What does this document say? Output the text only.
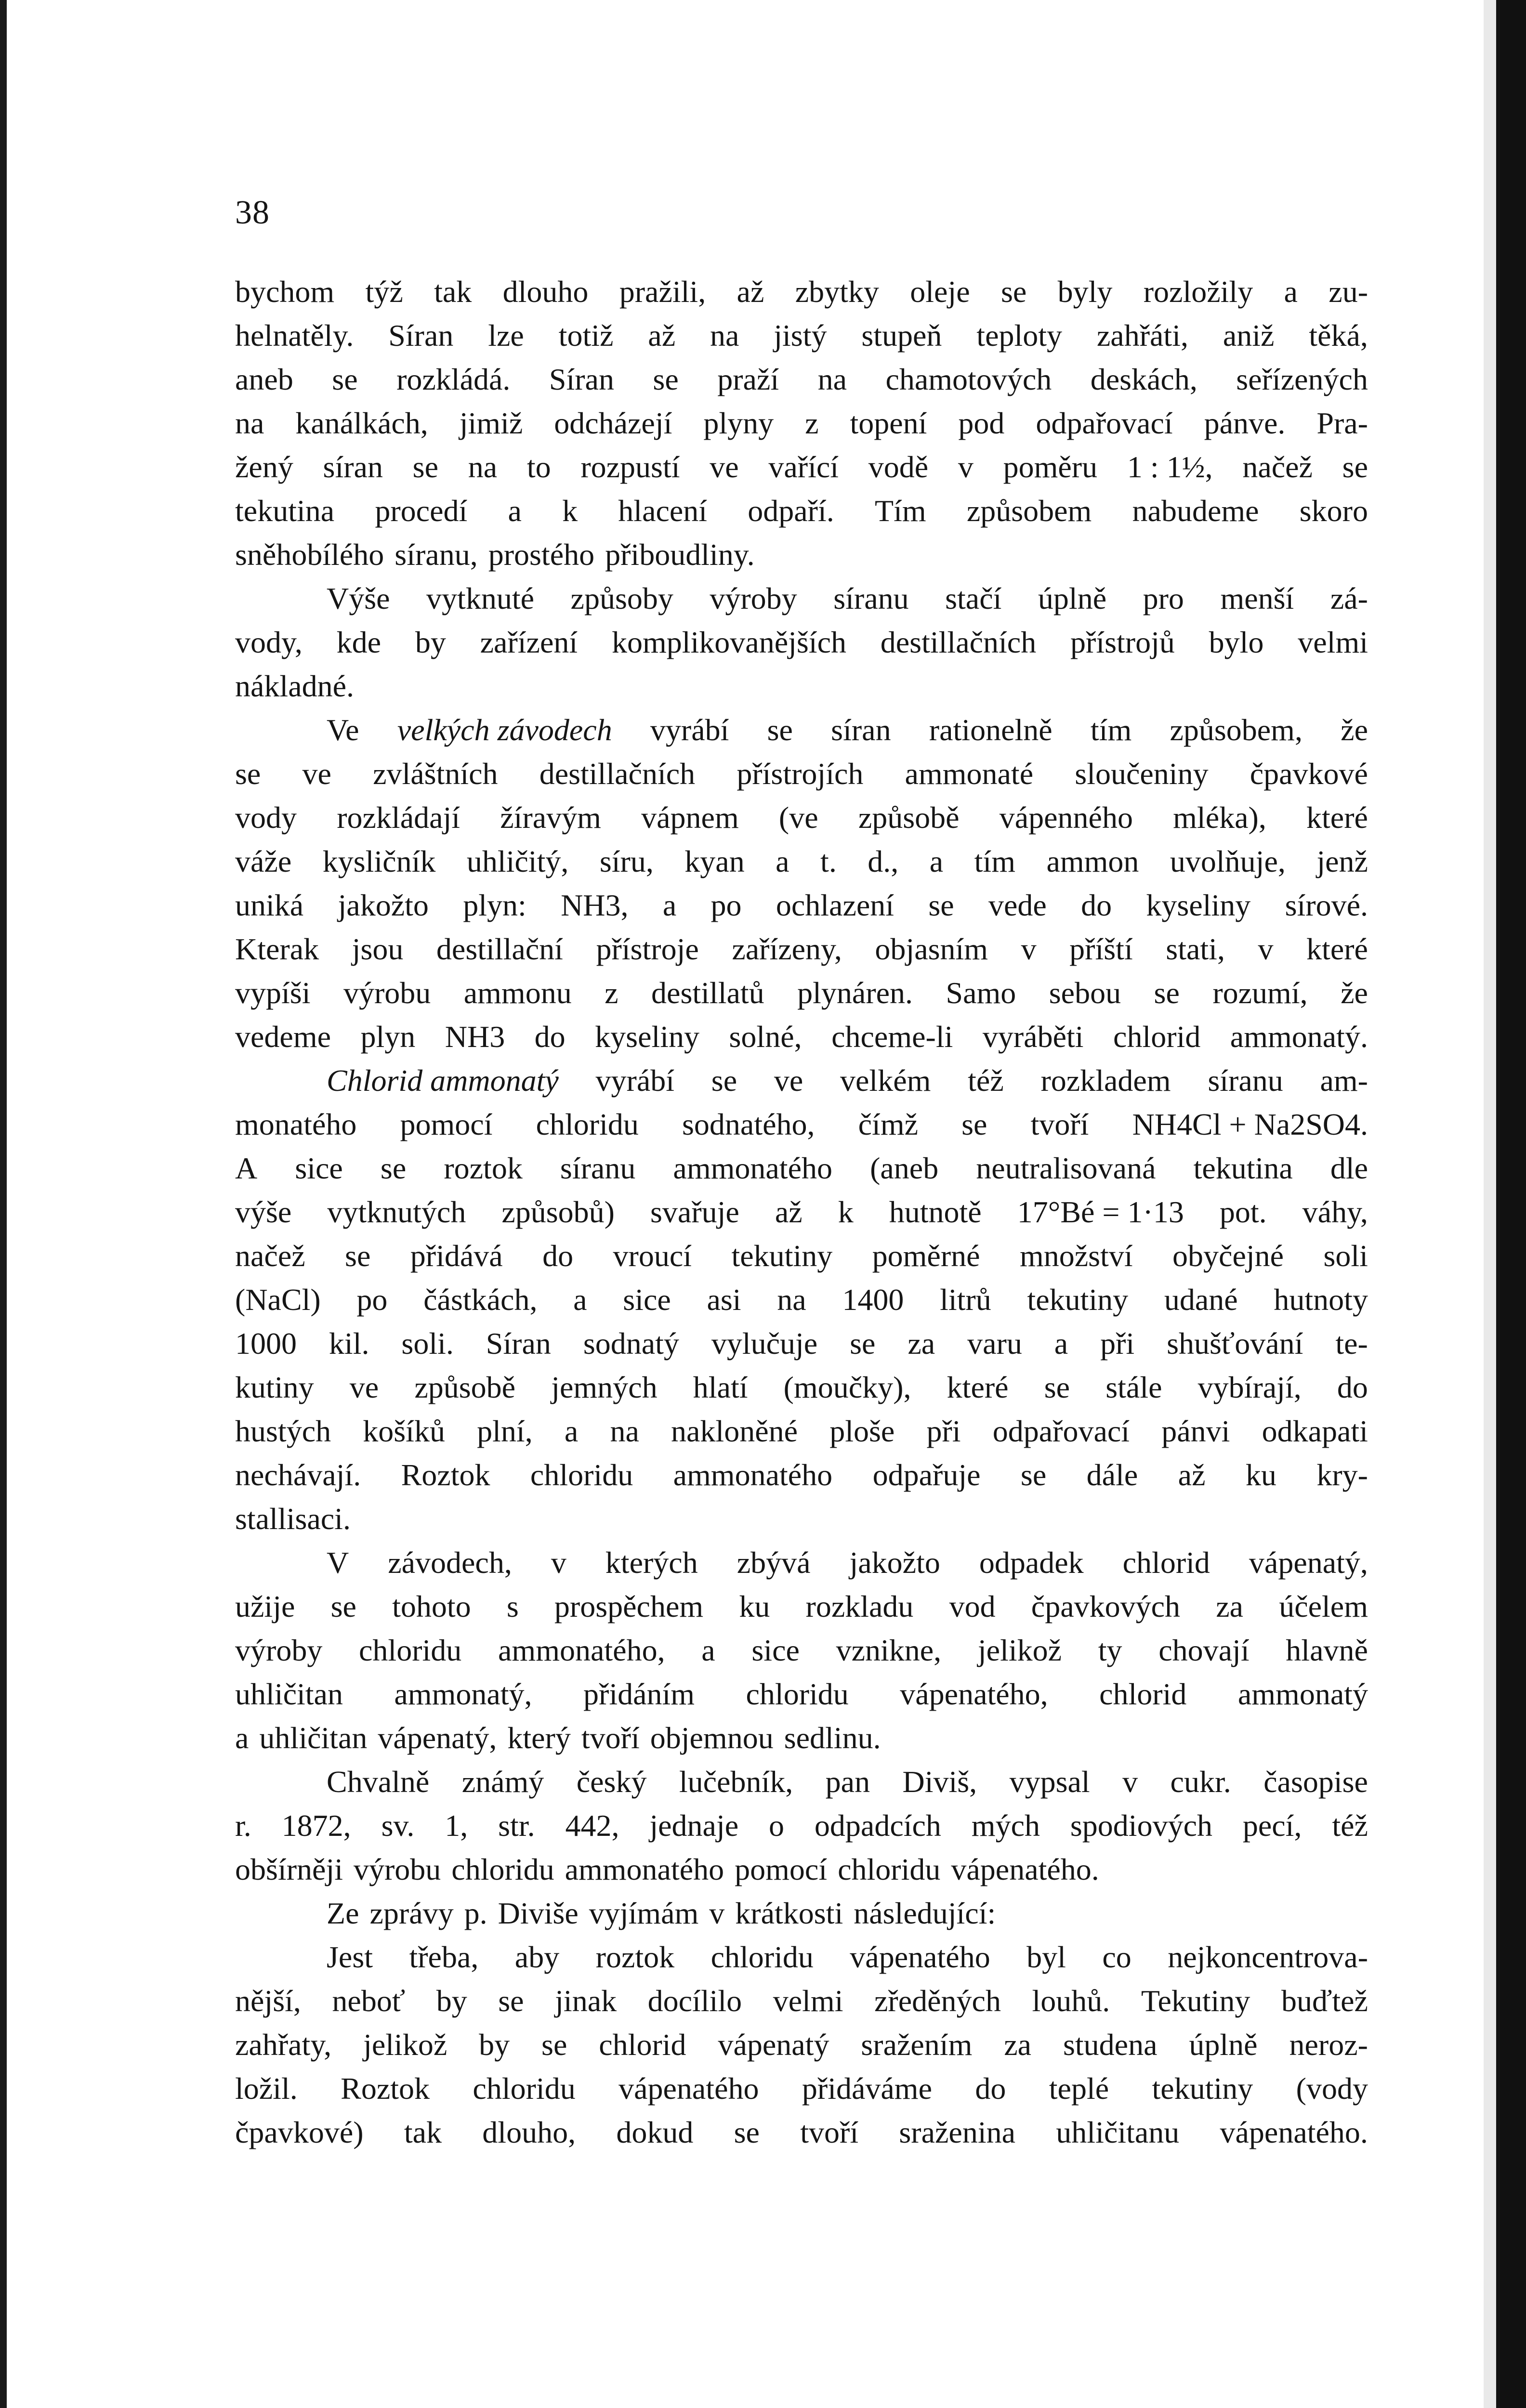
38
bychom týž tak dlouho pražili, až zbytky oleje se byly rozložily a zu-
helnatěly. Síran lze totiž až na jistý stupeň teploty zahřáti, aniž těká,
aneb se rozkládá. Síran se praží na chamotových deskách, seřízených
na kanálkách, jimiž odcházejí plyny z topení pod odpařovací pánve. Pra-
žený síran se na to rozpustí ve vařící vodě v poměru 1 : 1½, načež se
tekutina procedí a k hlacení odpaří. Tím způsobem nabudeme skoro
sněhobílého síranu, prostého přiboudliny.
Výše vytknuté způsoby výroby síranu stačí úplně pro menší zá-
vody, kde by zařízení komplikovanějších destillačních přístrojů bylo velmi
nákladné.
Ve velkých závodech vyrábí se síran rationelně tím způsobem, že
se ve zvláštních destillačních přístrojích ammonaté sloučeniny čpavkové
vody rozkládají žíravým vápnem (ve způsobě vápenného mléka), které
váže kysličník uhličitý, síru, kyan a t. d., a tím ammon uvolňuje, jenž
uniká jakožto plyn: NH3, a po ochlazení se vede do kyseliny sírové.
Kterak jsou destillační přístroje zařízeny, objasním v příští stati, v které
vypíši výrobu ammonu z destillatů plynáren. Samo sebou se rozumí, že
vedeme plyn NH3 do kyseliny solné, chceme-li vyráběti chlorid ammonatý.
Chlorid ammonatý vyrábí se ve velkém též rozkladem síranu am-
monatého pomocí chloridu sodnatého, čímž se tvoří NH4Cl + Na2SO4.
A sice se roztok síranu ammonatého (aneb neutralisovaná tekutina dle
výše vytknutých způsobů) svařuje až k hutnotě 17°Bé = 1·13 pot. váhy,
načež se přidává do vroucí tekutiny poměrné množství obyčejné soli
(NaCl) po částkách, a sice asi na 1400 litrů tekutiny udané hutnoty
1000 kil. soli. Síran sodnatý vylučuje se za varu a při shušťování te-
kutiny ve způsobě jemných hlatí (moučky), které se stále vybírají, do
hustých košíků plní, a na nakloněné ploše při odpařovací pánvi odkapati
nechávají. Roztok chloridu ammonatého odpařuje se dále až ku kry-
stallisaci.
V závodech, v kterých zbývá jakožto odpadek chlorid vápenatý,
užije se tohoto s prospěchem ku rozkladu vod čpavkových za účelem
výroby chloridu ammonatého, a sice vznikne, jelikož ty chovají hlavně
uhličitan ammonatý, přidáním chloridu vápenatého, chlorid ammonatý
a uhličitan vápenatý, který tvoří objemnou sedlinu.
Chvalně známý český lučebník, pan Diviš, vypsal v cukr. časopise
r. 1872, sv. 1, str. 442, jednaje o odpadcích mých spodiových pecí, též
obšírněji výrobu chloridu ammonatého pomocí chloridu vápenatého.
Ze zprávy p. Diviše vyjímám v krátkosti následující:
Jest třeba, aby roztok chloridu vápenatého byl co nejkoncentrova-
nější, neboť by se jinak docílilo velmi zředěných louhů. Tekutiny buďtež
zahřaty, jelikož by se chlorid vápenatý sražením za studena úplně neroz-
ložil. Roztok chloridu vápenatého přidáváme do teplé tekutiny (vody
čpavkové) tak dlouho, dokud se tvoří sraženina uhličitanu vápenatého.
